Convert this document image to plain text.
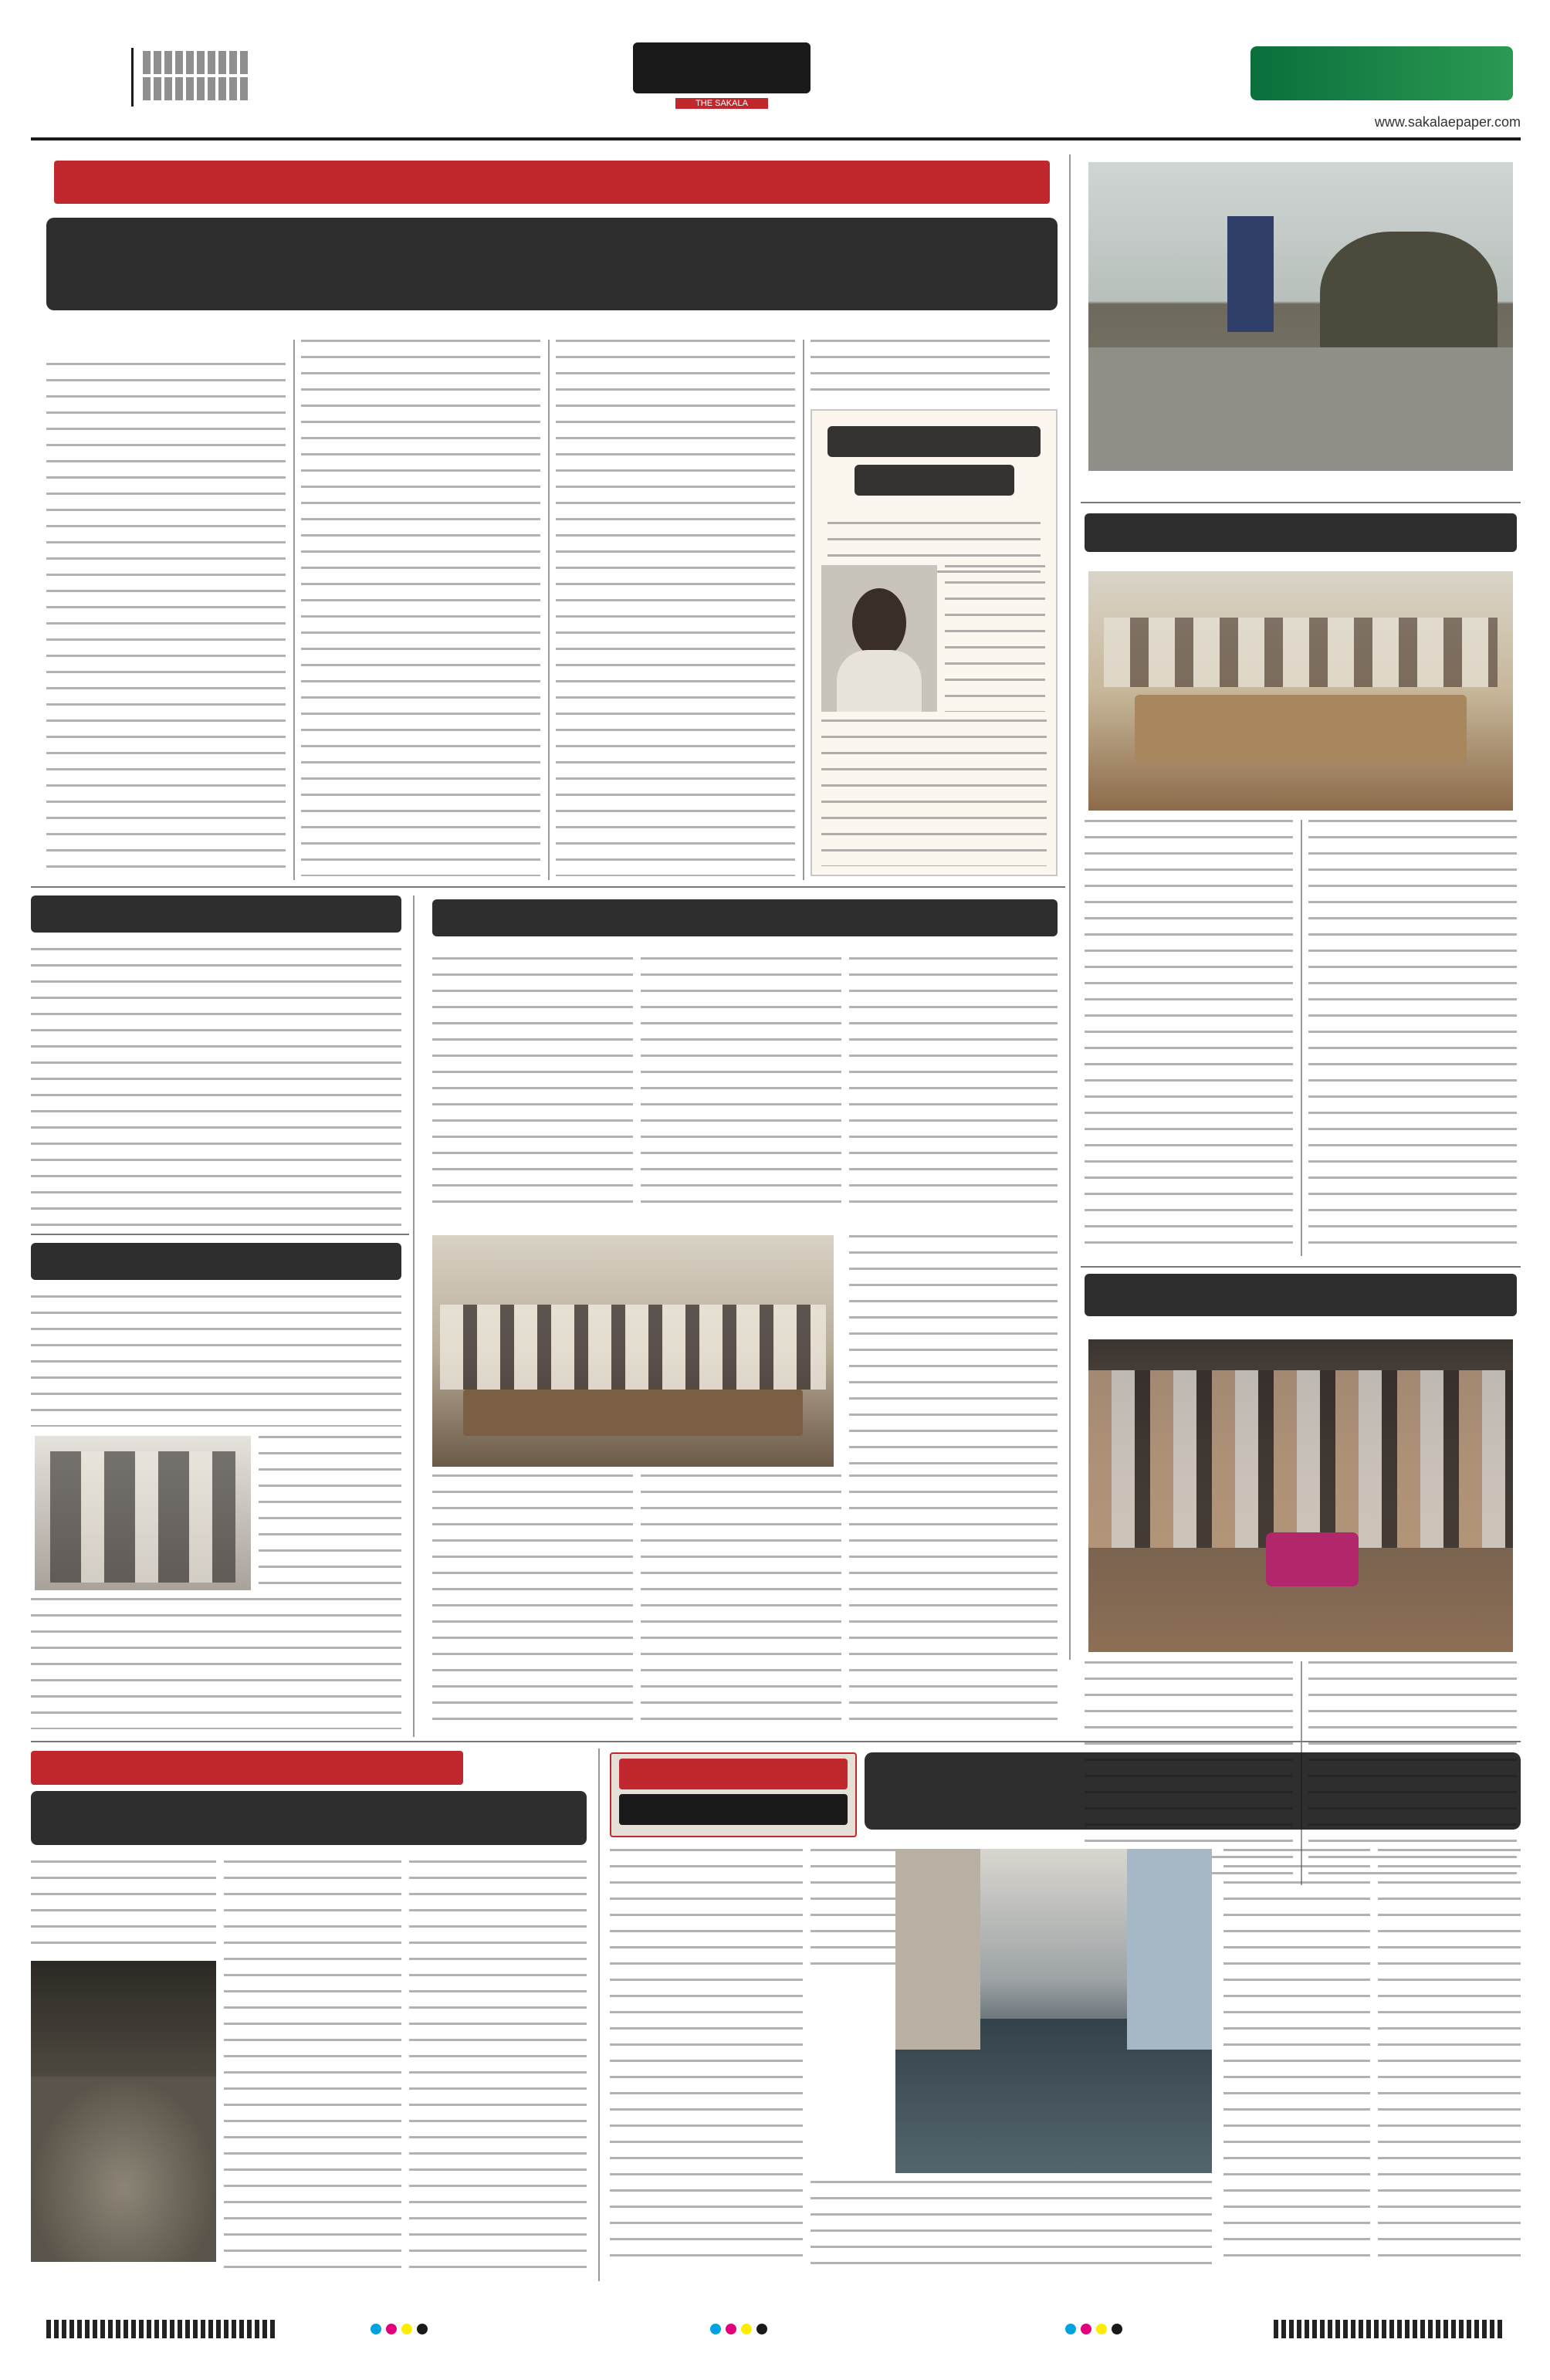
THE SAKALA
www.sakalaepaper.com
